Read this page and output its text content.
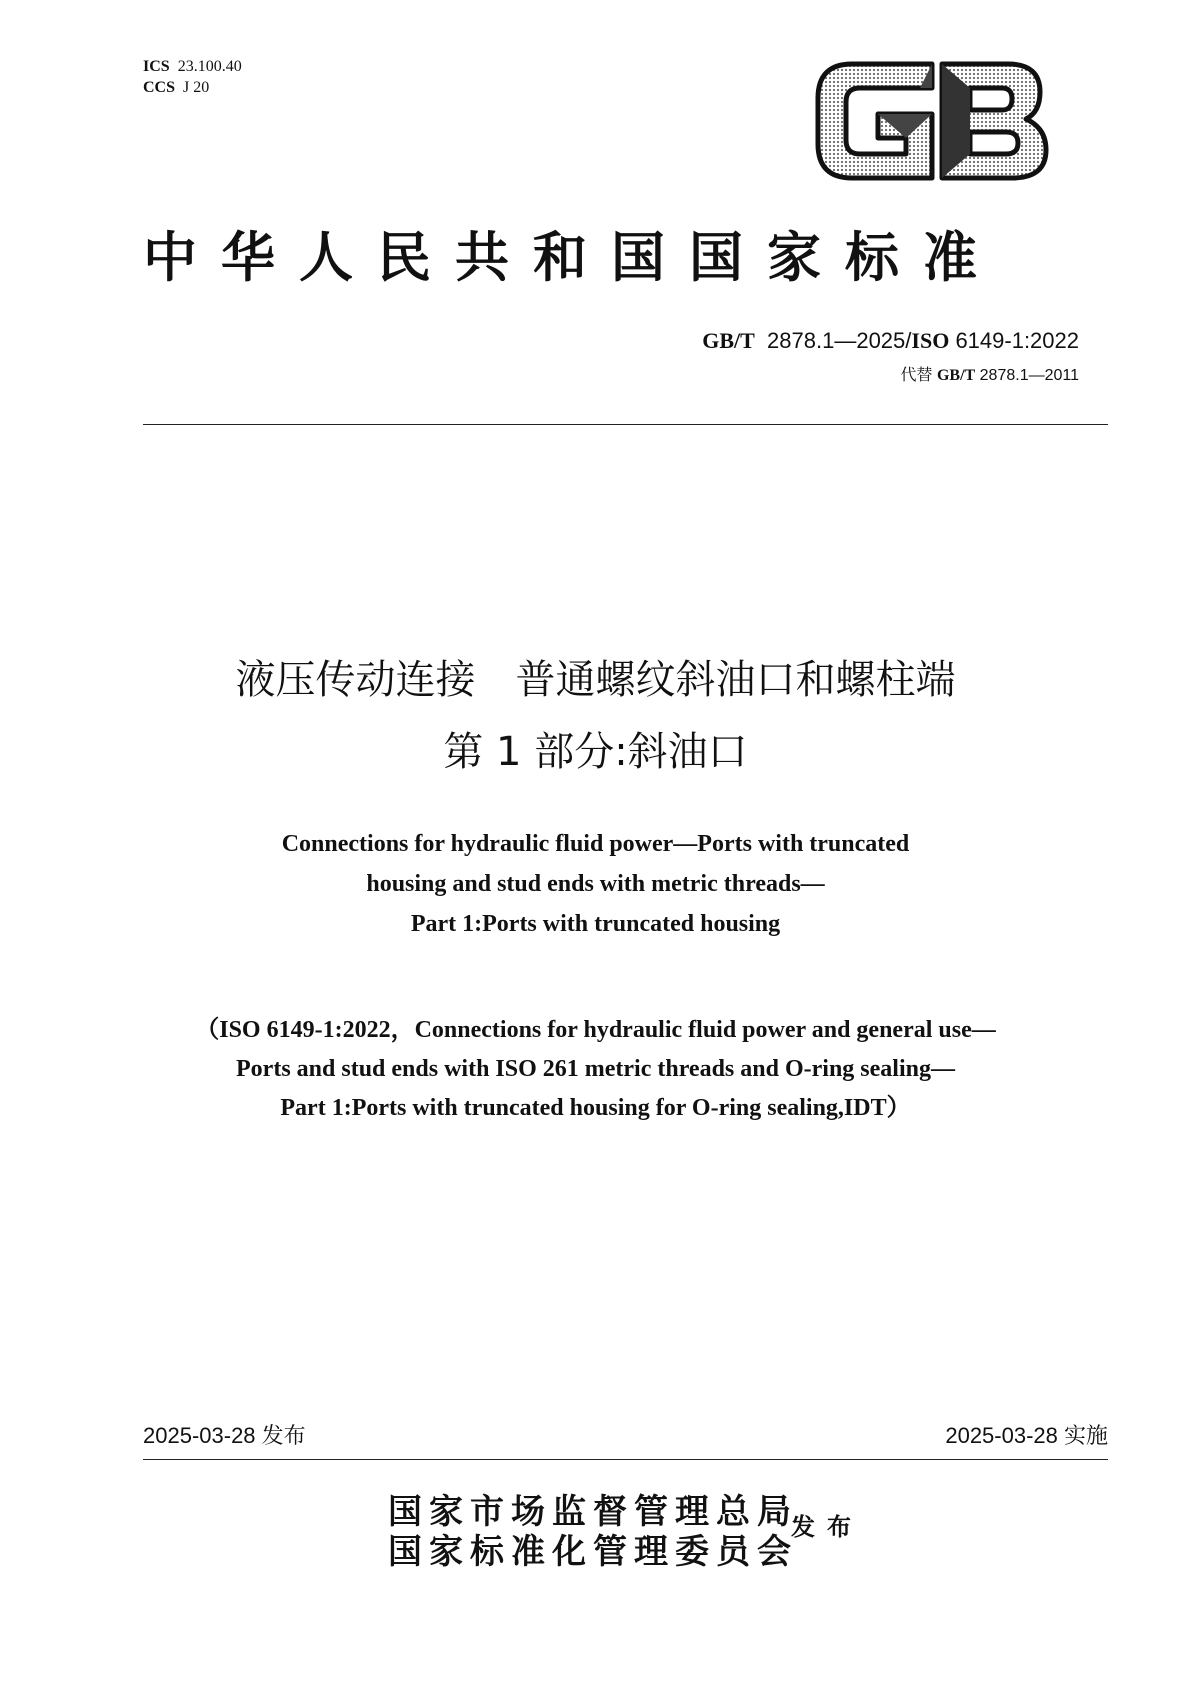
ICS 23.100.40
CCS J 20
中华人民共和国国家标准
GB/T 2878.1—2025/ISO 6149-1:2022
代替 GB/T 2878.1—2011
液压传动连接　普通螺纹斜油口和螺柱端
第 1 部分:斜油口
Connections for hydraulic fluid power—Ports with truncated
housing and stud ends with metric threads—
Part 1:Ports with truncated housing
（ISO 6149-1:2022，Connections for hydraulic fluid power and general use—
Ports and stud ends with ISO 261 metric threads and O-ring sealing—
Part 1:Ports with truncated housing for O-ring sealing,IDT）
2025-03-28 发布	2025-03-28 实施
国家市场监督管理总局
国家标准化管理委员会
发布
